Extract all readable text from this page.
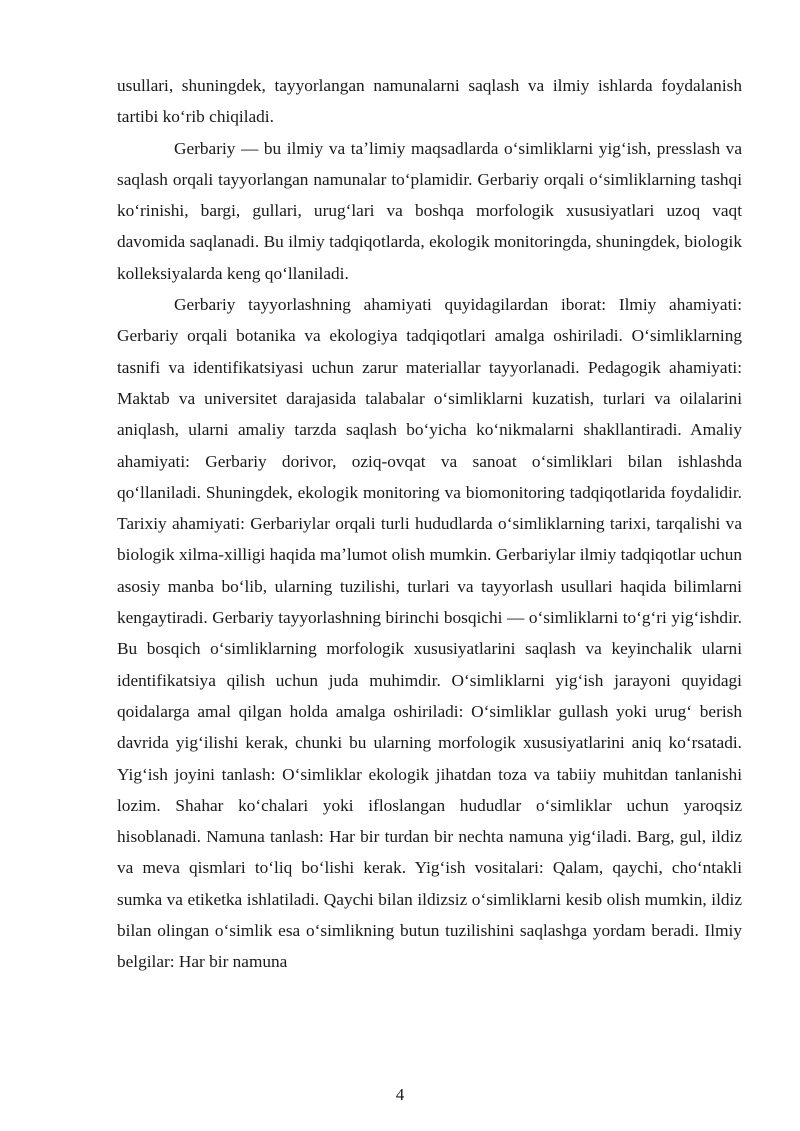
usullari, shuningdek, tayyorlangan namunalarni saqlash va ilmiy ishlarda foydalanish tartibi koʻrib chiqiladi.

Gerbariy — bu ilmiy va taʼlimiy maqsadlarda oʻsimliklarni yigʻish, presslash va saqlash orqali tayyorlangan namunalar toʻplamidir. Gerbariy orqali oʻsimliklarning tashqi koʻrinishi, bargi, gullari, urugʻlari va boshqa morfologik xususiyatlari uzoq vaqt davomida saqlanadi. Bu ilmiy tadqiqotlarda, ekologik monitoringda, shuningdek, biologik kolleksiyalarda keng qoʻllaniladi.

Gerbariy tayyorlashning ahamiyati quyidagilardan iborat: Ilmiy ahamiyati: Gerbariy orqali botanika va ekologiya tadqiqotlari amalga oshiriladi. Oʻsimliklarning tasnifi va identifikatsiyasi uchun zarur materiallar tayyorlanadi. Pedagogik ahamiyati: Maktab va universitet darajasida talabalar oʻsimliklarni kuzatish, turlari va oilalarini aniqlash, ularni amaliy tarzda saqlash boʻyicha koʻnikmalarni shakllantiradi. Amaliy ahamiyati: Gerbariy dorivor, oziq-ovqat va sanoat oʻsimliklari bilan ishlashda qoʻllaniladi. Shuningdek, ekologik monitoring va biomonitoring tadqiqotlarida foydalidir. Tarixiy ahamiyati: Gerbariylar orqali turli hududlarda oʻsimliklarning tarixi, tarqalishi va biologik xilma-xilligi haqida maʼlumot olish mumkin. Gerbariylar ilmiy tadqiqotlar uchun asosiy manba boʻlib, ularning tuzilishi, turlari va tayyorlash usullari haqida bilimlarni kengaytiradi. Gerbariy tayyorlashning birinchi bosqichi — oʻsimliklarni toʻgʻri yigʻishdir. Bu bosqich oʻsimliklarning morfologik xususiyatlarini saqlash va keyinchalik ularni identifikatsiya qilish uchun juda muhimdir. Oʻsimliklarni yigʻish jarayoni quyidagi qoidalarga amal qilgan holda amalga oshiriladi: Oʻsimliklar gullash yoki urugʻ berish davrida yigʻilishi kerak, chunki bu ularning morfologik xususiyatlarini aniq koʻrsatadi. Yigʻish joyini tanlash: Oʻsimliklar ekologik jihatdan toza va tabiiy muhitdan tanlanishi lozim. Shahar koʻchalari yoki ifloslangan hududlar oʻsimliklar uchun yaroqsiz hisoblanadi. Namuna tanlash: Har bir turdan bir nechta namuna yigʻiladi. Barg, gul, ildiz va meva qismlari toʻliq boʻlishi kerak. Yigʻish vositalari: Qalam, qaychi, choʻntakli sumka va etiketka ishlatiladi. Qaychi bilan ildizsiz oʻsimliklarni kesib olish mumkin, ildiz bilan olingan oʻsimlik esa oʻsimlikning butun tuzilishini saqlashga yordam beradi. Ilmiy belgilar: Har bir namuna

4
